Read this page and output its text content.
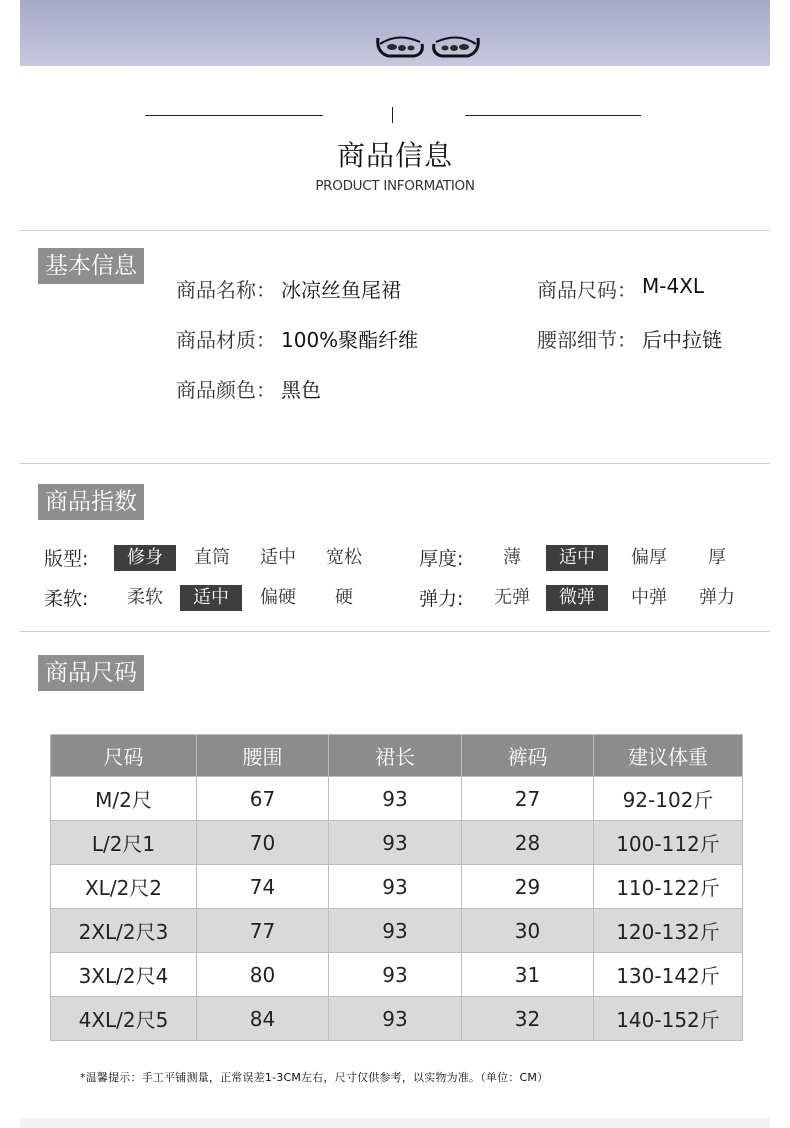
商品信息
PRODUCT INFORMATION
基本信息
商品名称： 冰凉丝鱼尾裙	商品尺码： M-4XL
商品材质： 100%聚酯纤维	腰部细节： 后中拉链
商品颜色： 黑色
商品指数
版型:	修身	直筒	适中	宽松	厚度:	薄	适中	偏厚	厚
柔软:	柔软	适中	偏硬	硬	弹力:	无弹	微弹	中弹	弹力
商品尺码
尺码	腰围	裙长	裤码	建议体重
M/2尺	67	93	27	92-102斤
L/2尺1	70	93	28	100-112斤
XL/2尺2	74	93	29	110-122斤
2XL/2尺3	77	93	30	120-132斤
3XL/2尺4	80	93	31	130-142斤
4XL/2尺5	84	93	32	140-152斤
*温馨提示：手工平铺测量，正常误差1-3CM左右，尺寸仅供参考，以实物为准。（单位：CM）
